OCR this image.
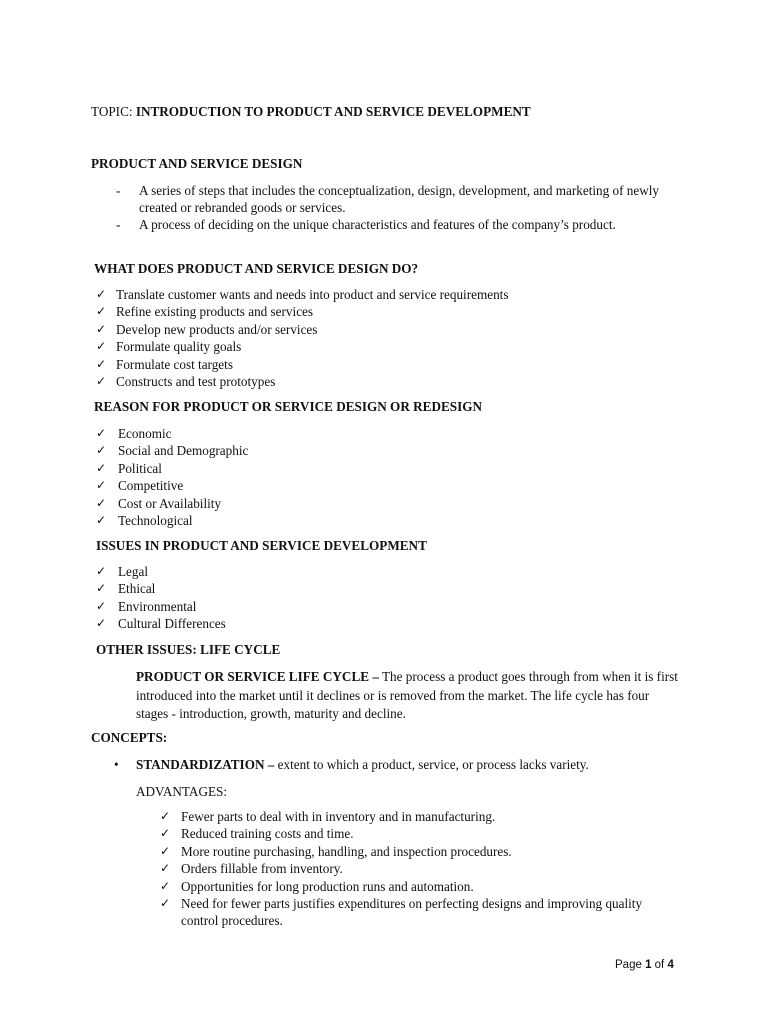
TOPIC: INTRODUCTION TO PRODUCT AND SERVICE DEVELOPMENT
PRODUCT AND SERVICE DESIGN
- A series of steps that includes the conceptualization, design, development, and marketing of newly created or rebranded goods or services.
- A process of deciding on the unique characteristics and features of the company’s product.
WHAT DOES PRODUCT AND SERVICE DESIGN DO?
✓ Translate customer wants and needs into product and service requirements
✓ Refine existing products and services
✓ Develop new products and/or services
✓ Formulate quality goals
✓ Formulate cost targets
✓ Constructs and test prototypes
REASON FOR PRODUCT OR SERVICE DESIGN OR REDESIGN
✓ Economic
✓ Social and Demographic
✓ Political
✓ Competitive
✓ Cost or Availability
✓ Technological
ISSUES IN PRODUCT AND SERVICE DEVELOPMENT
✓ Legal
✓ Ethical
✓ Environmental
✓ Cultural Differences
OTHER ISSUES: LIFE CYCLE
PRODUCT OR SERVICE LIFE CYCLE – The process a product goes through from when it is first introduced into the market until it declines or is removed from the market. The life cycle has four stages - introduction, growth, maturity and decline.
CONCEPTS:
• STANDARDIZATION – extent to which a product, service, or process lacks variety.
ADVANTAGES:
✓ Fewer parts to deal with in inventory and in manufacturing.
✓ Reduced training costs and time.
✓ More routine purchasing, handling, and inspection procedures.
✓ Orders fillable from inventory.
✓ Opportunities for long production runs and automation.
✓ Need for fewer parts justifies expenditures on perfecting designs and improving quality control procedures.
Page 1 of 4
